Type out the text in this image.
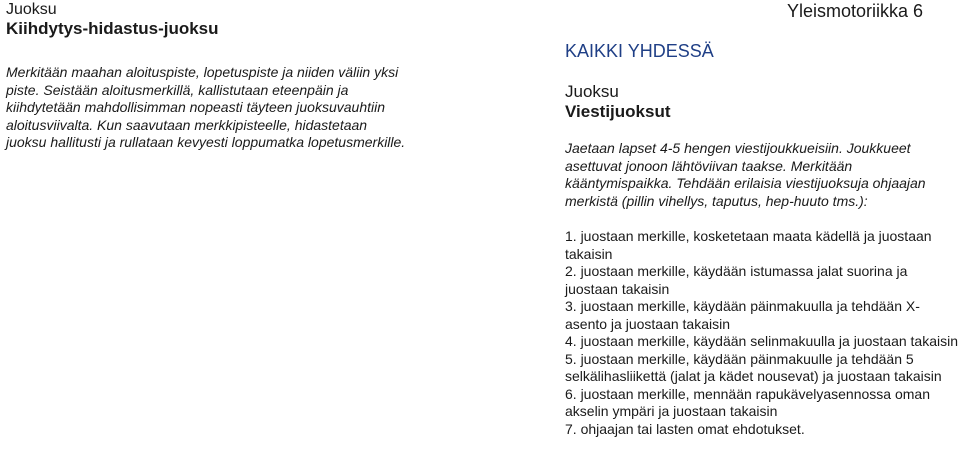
Juoksu
Kiihdytys-hidastus-juoksu
Merkitään maahan aloituspiste, lopetuspiste ja niiden väliin yksi piste. Seistään aloitusmerkillä, kallistutaan eteenpäin ja kiihdytetään mahdollisimman nopeasti täyteen juoksuvauhtiin aloitusviivalta. Kun saavutaan merkkipisteelle, hidastetaan juoksu hallitusti ja rullataan kevyesti loppumatka lopetusmerkille.
Yleismotoriikka 6
KAIKKI YHDESSÄ
Juoksu
Viestijuoksut
Jaetaan lapset 4-5 hengen viestijoukkueisiin. Joukkueet asettuvat jonoon lähtöviivan taakse. Merkitään kääntymispaikka. Tehdään erilaisia viestijuoksuja ohjaajan merkistä (pillin vihellys, taputus, hep-huuto tms.):
1. juostaan merkille, kosketetaan maata kädellä ja juostaan takaisin
2. juostaan merkille, käydään istumassa jalat suorina ja juostaan takaisin
3. juostaan merkille, käydään päinmakuulla ja tehdään X-asento ja juostaan takaisin
4. juostaan merkille, käydään selinmakuulla ja juostaan takaisin
5. juostaan merkille, käydään päinmakuulle ja tehdään 5 selkälihasliikettä (jalat ja kädet nousevat) ja juostaan takaisin
6. juostaan merkille, mennään rapukävelyasennossa oman akselin ympäri ja juostaan takaisin
7. ohjaajan tai lasten omat ehdotukset.
